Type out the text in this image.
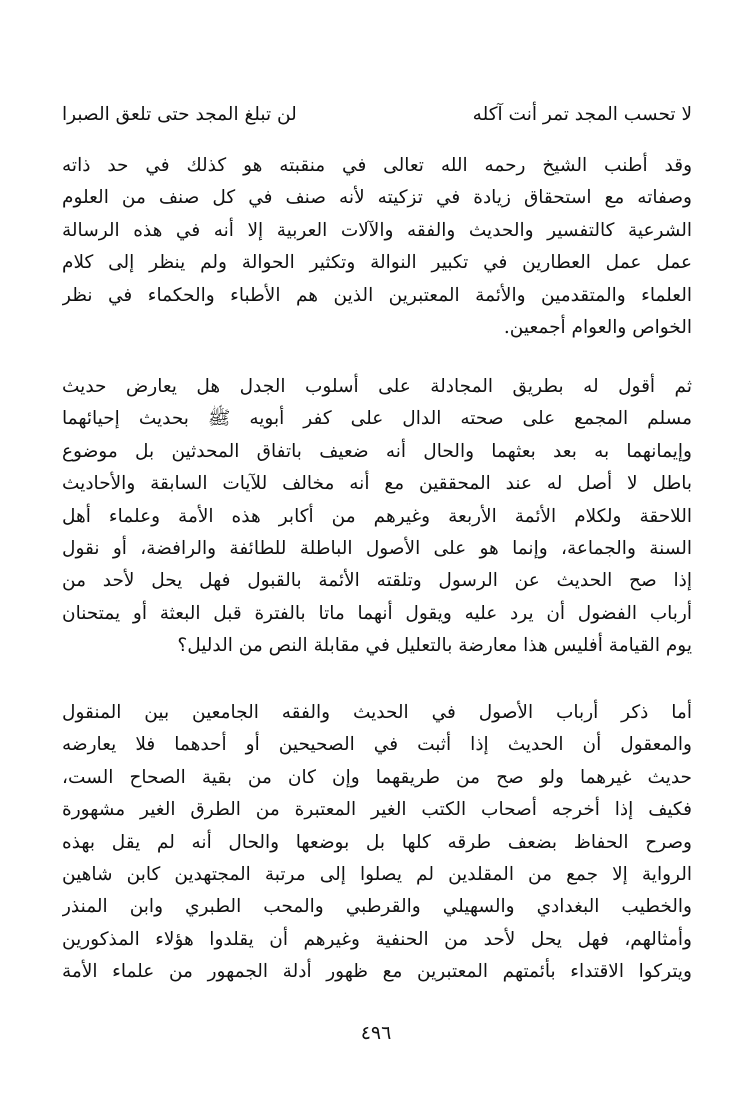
لا تحسب المجد تمر أنت آكله
لن تبلغ المجد حتى تلعق الصبرا
وقد أطنب الشيخ رحمه الله تعالى في منقبته هو كذلك في حد ذاته
وصفاته مع استحقاق زيادة في تزكيته لأنه صنف في كل صنف من العلوم
الشرعية كالتفسير والحديث والفقه والآلات العربية إلا أنه في هذه الرسالة
عمل عمل العطارين في تكبير النوالة وتكثير الحوالة ولم ينظر إلى كلام
العلماء والمتقدمين والأئمة المعتبرين الذين هم الأطباء والحكماء في نظر
الخواص والعوام أجمعين.
ثم أقول له بطريق المجادلة على أسلوب الجدل هل يعارض حديث
مسلم المجمع على صحته الدال على كفر أبويه ﷺ بحديث إحيائهما
وإيمانهما به بعد بعثهما والحال أنه ضعيف باتفاق المحدثين بل موضوع
باطل لا أصل له عند المحققين مع أنه مخالف للآيات السابقة والأحاديث
اللاحقة ولكلام الأئمة الأربعة وغيرهم من أكابر هذه الأمة وعلماء أهل
السنة والجماعة، وإنما هو على الأصول الباطلة للطائفة والرافضة، أو نقول
إذا صح الحديث عن الرسول وتلقته الأئمة بالقبول فهل يحل لأحد من
أرباب الفضول أن يرد عليه ويقول أنهما ماتا بالفترة قبل البعثة أو يمتحنان
يوم القيامة أفليس هذا معارضة بالتعليل في مقابلة النص من الدليل؟
أما ذكر أرباب الأصول في الحديث والفقه الجامعين بين المنقول
والمعقول أن الحديث إذا أثبت في الصحيحين أو أحدهما فلا يعارضه
حديث غيرهما ولو صح من طريقهما وإن كان من بقية الصحاح الست،
فكيف إذا أخرجه أصحاب الكتب الغير المعتبرة من الطرق الغير مشهورة
وصرح الحفاظ بضعف طرقه كلها بل بوضعها والحال أنه لم يقل بهذه
الرواية إلا جمع من المقلدين لم يصلوا إلى مرتبة المجتهدين كابن شاهين
والخطيب البغدادي والسهيلي والقرطبي والمحب الطبري وابن المنذر
وأمثالهم، فهل يحل لأحد من الحنفية وغيرهم أن يقلدوا هؤلاء المذكورين
ويتركوا الاقتداء بأئمتهم المعتبرين مع ظهور أدلة الجمهور من علماء الأمة
٤٩٦
